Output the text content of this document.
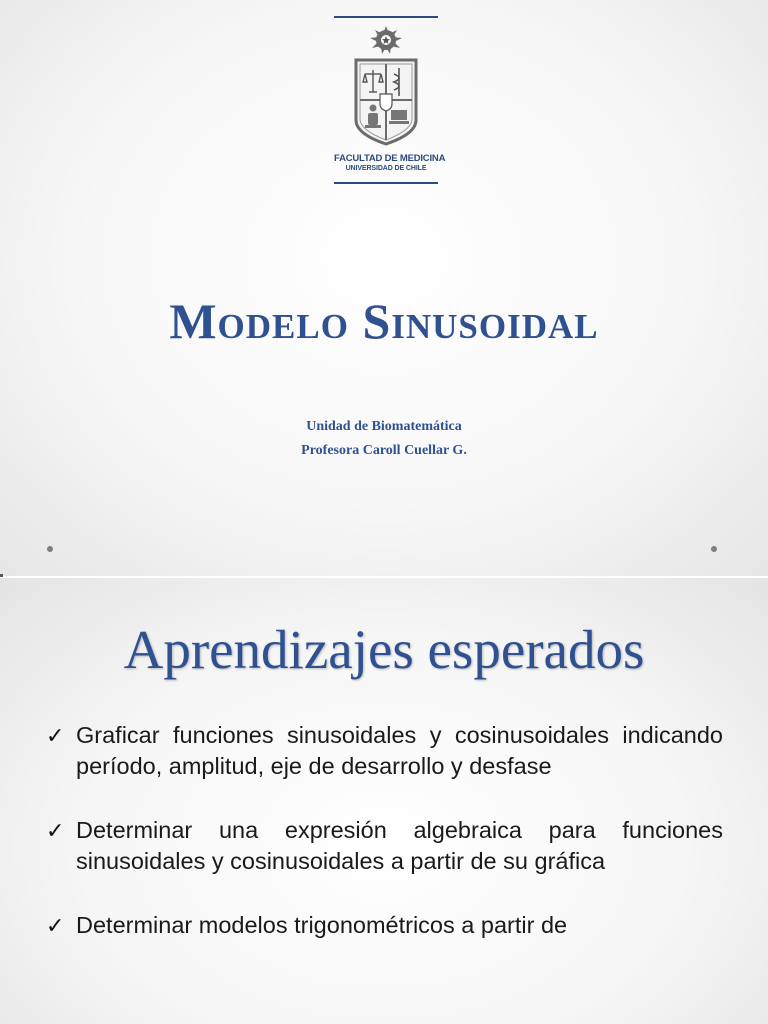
FACULTAD DE MEDICINA
UNIVERSIDAD DE CHILE
Modelo Sinusoidal
Unidad de Biomatemática
Profesora Caroll Cuellar G.
Aprendizajes esperados
✓ Graficar funciones sinusoidales y cosinusoidales indicando período, amplitud, eje de desarrollo y desfase
✓ Determinar una expresión algebraica para funciones sinusoidales y cosinusoidales a partir de su gráfica
✓ Determinar modelos trigonométricos a partir de
